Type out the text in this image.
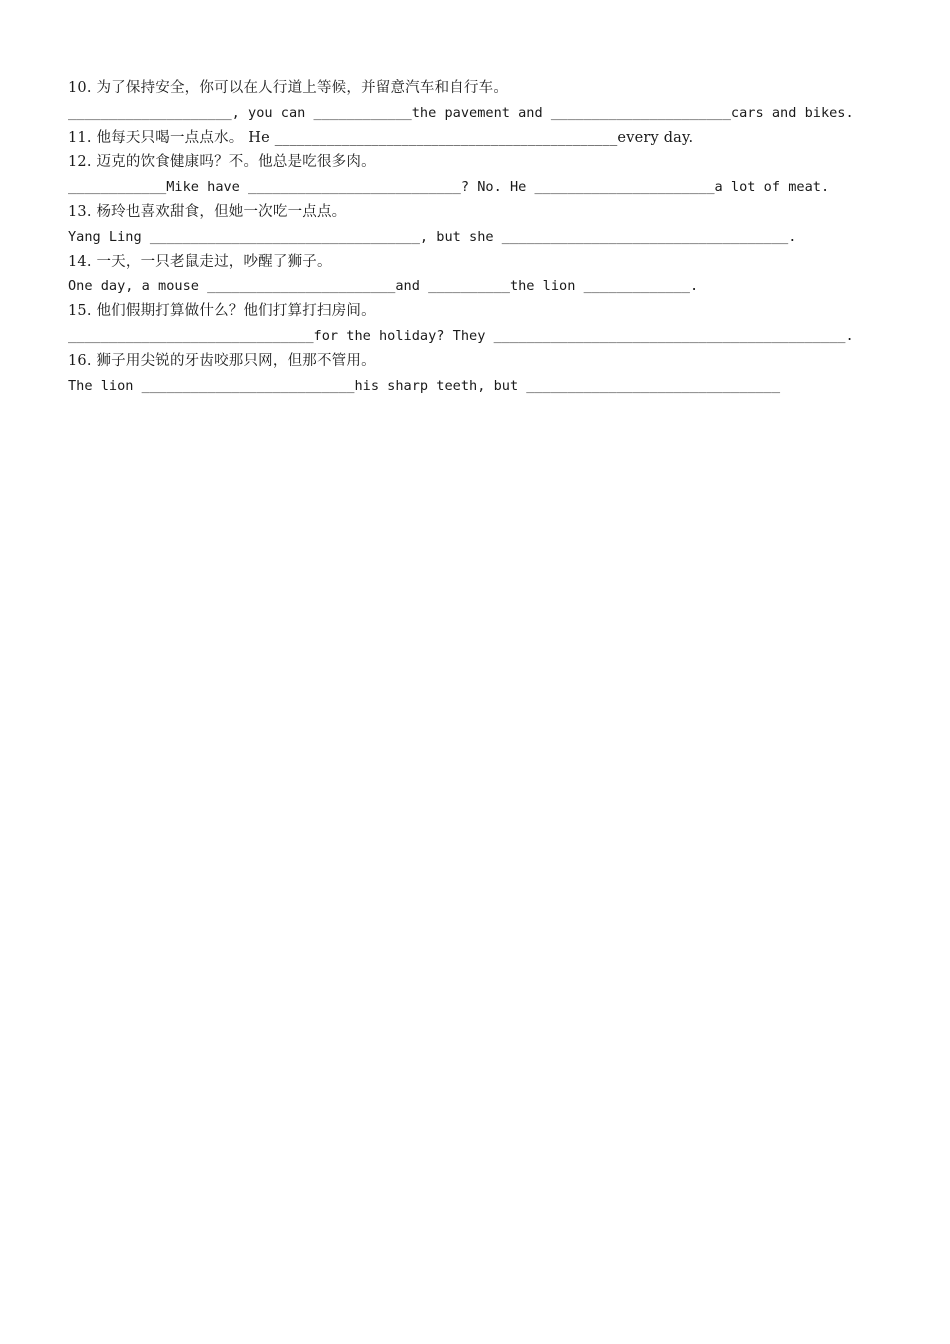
10. 为了保持安全，你可以在人行道上等候，并留意汽车和自行车。
____________________, you can ____________the pavement and ______________________cars and bikes.
11. 他每天只喝一点点水。 He ______________________________________________every day.
12. 迈克的饮食健康吗？不。他总是吃很多肉。
____________Mike have __________________________? No. He ______________________a lot of meat.
13. 杨玲也喜欢甜食，但她一次吃一点点。
Yang Ling _________________________________, but she ___________________________________.
14. 一天，一只老鼠走过，吵醒了狮子。
One day, a mouse _______________________and __________the lion _____________.
15. 他们假期打算做什么？他们打算打扫房间。
______________________________for the holiday? They ___________________________________________.
16. 狮子用尖锐的牙齿咬那只网，但那不管用。
The lion __________________________his sharp teeth, but _______________________________
